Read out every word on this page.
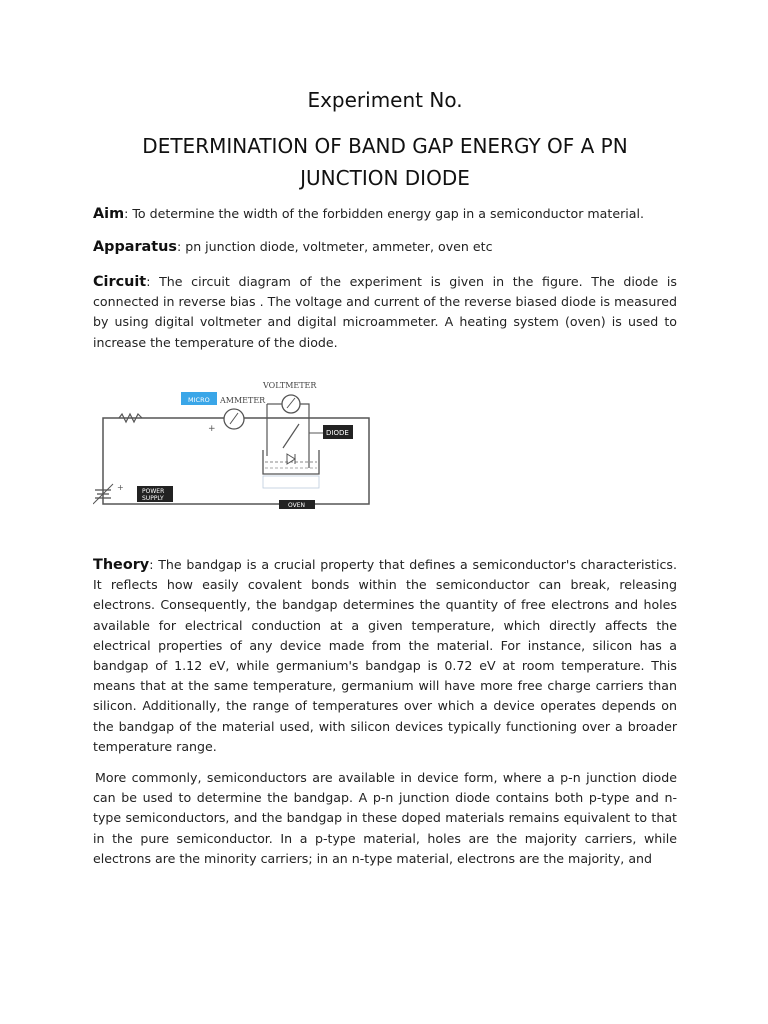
Experiment No.
DETERMINATION OF BAND GAP ENERGY OF A PN
JUNCTION DIODE

Aim: To determine the width of the forbidden energy gap in a semiconductor material.

Apparatus: pn junction diode, voltmeter, ammeter, oven etc

Circuit: The circuit diagram of the experiment is given in the figure. The diode is connected in reverse bias . The voltage and current of the reverse biased diode is measured by using digital voltmeter and digital microammeter. A heating system (oven) is used to increase the temperature of the diode.

Theory: The bandgap is a crucial property that defines a semiconductor's characteristics. It reflects how easily covalent bonds within the semiconductor can break, releasing electrons. Consequently, the bandgap determines the quantity of free electrons and holes available for electrical conduction at a given temperature, which directly affects the electrical properties of any device made from the material. For instance, silicon has a bandgap of 1.12 eV, while germanium's bandgap is 0.72 eV at room temperature. This means that at the same temperature, germanium will have more free charge carriers than silicon. Additionally, the range of temperatures over which a device operates depends on the bandgap of the material used, with silicon devices typically functioning over a broader temperature range.

More commonly, semiconductors are available in device form, where a p-n junction diode can be used to determine the bandgap. A p-n junction diode contains both p-type and n-type semiconductors, and the bandgap in these doped materials remains equivalent to that in the pure semiconductor. In a p-type material, holes are the majority carriers, while electrons are the minority carriers; in an n-type material, electrons are the majority, and

+
MICRO AMMETER
VOLTMETER
DIODE
OVEN
+	POWER
SUPPLY
